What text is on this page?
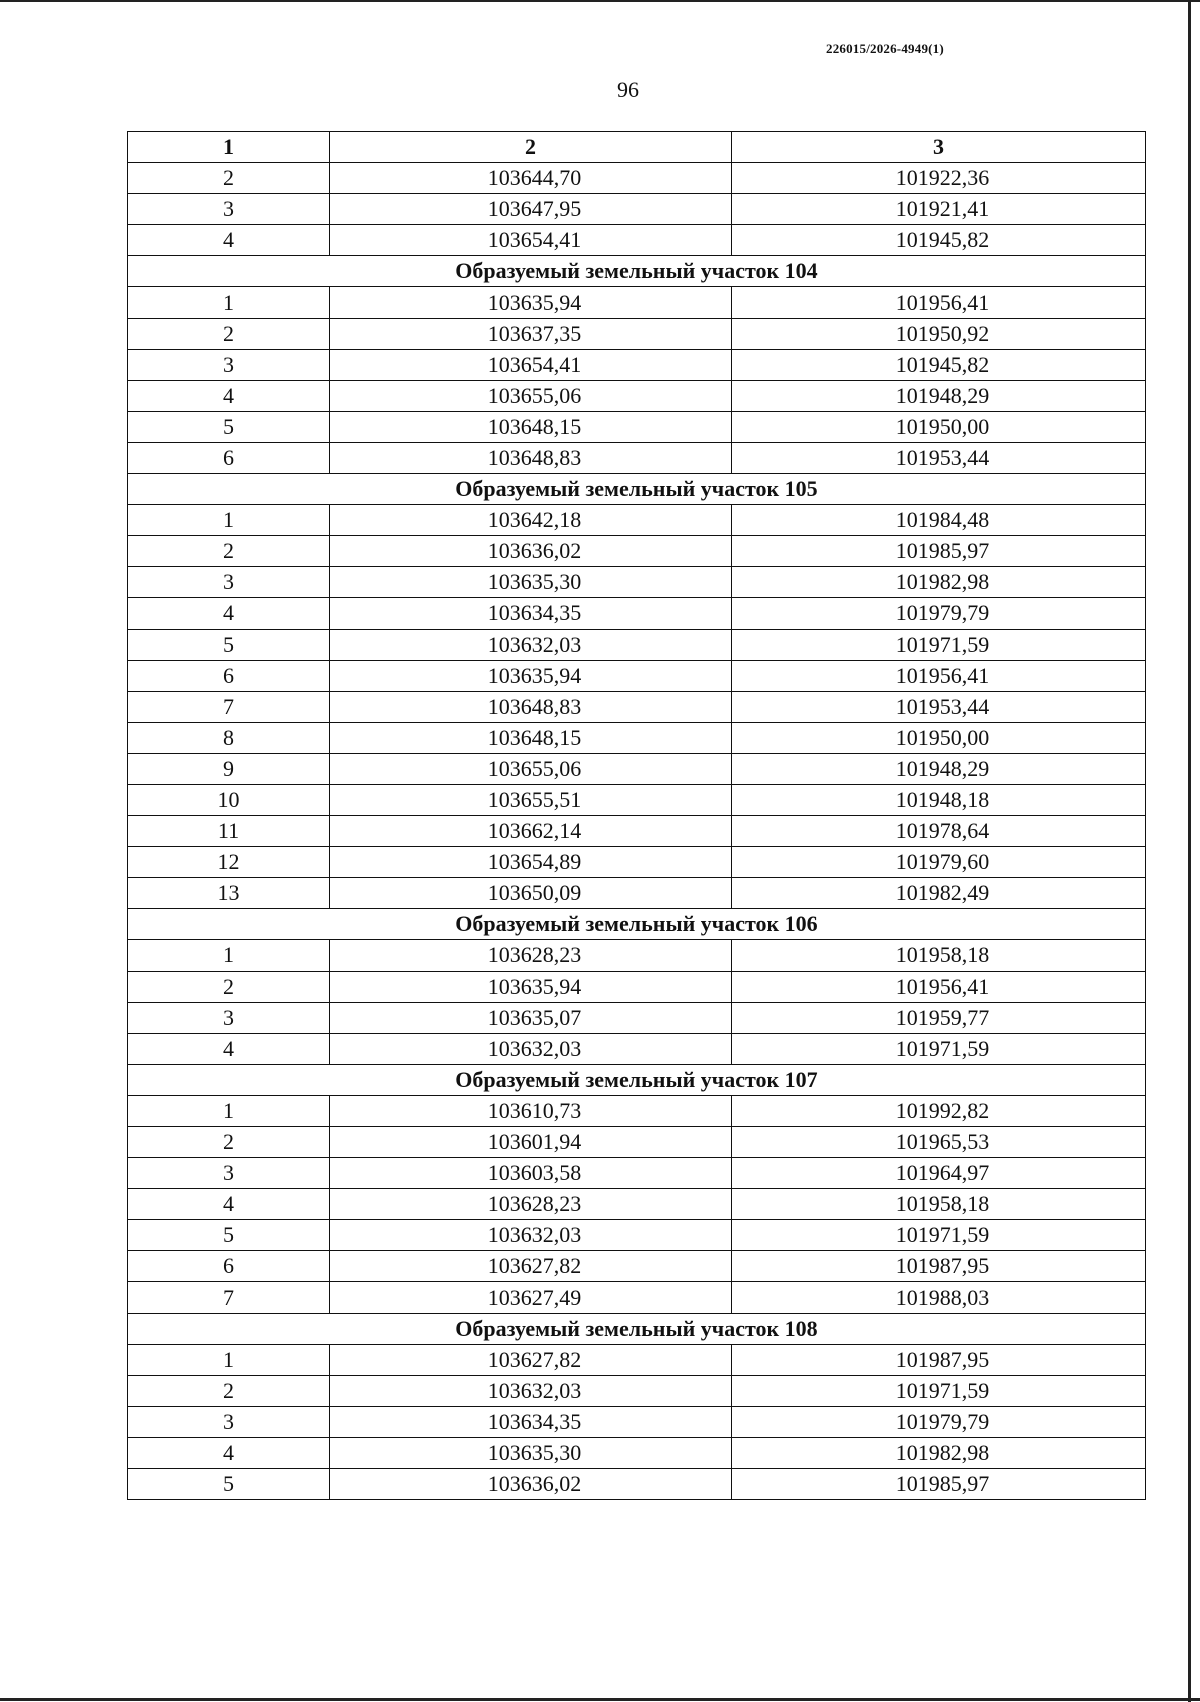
226015/2026-4949(1)
96
1	2	3
2	103644,70	101922,36
3	103647,95	101921,41
4	103654,41	101945,82
Образуемый земельный участок 104		
1	103635,94	101956,41
2	103637,35	101950,92
3	103654,41	101945,82
4	103655,06	101948,29
5	103648,15	101950,00
6	103648,83	101953,44
Образуемый земельный участок 105		
1	103642,18	101984,48
2	103636,02	101985,97
3	103635,30	101982,98
4	103634,35	101979,79
5	103632,03	101971,59
6	103635,94	101956,41
7	103648,83	101953,44
8	103648,15	101950,00
9	103655,06	101948,29
10	103655,51	101948,18
11	103662,14	101978,64
12	103654,89	101979,60
13	103650,09	101982,49
Образуемый земельный участок 106		
1	103628,23	101958,18
2	103635,94	101956,41
3	103635,07	101959,77
4	103632,03	101971,59
Образуемый земельный участок 107		
1	103610,73	101992,82
2	103601,94	101965,53
3	103603,58	101964,97
4	103628,23	101958,18
5	103632,03	101971,59
6	103627,82	101987,95
7	103627,49	101988,03
Образуемый земельный участок 108		
1	103627,82	101987,95
2	103632,03	101971,59
3	103634,35	101979,79
4	103635,30	101982,98
5	103636,02	101985,97
